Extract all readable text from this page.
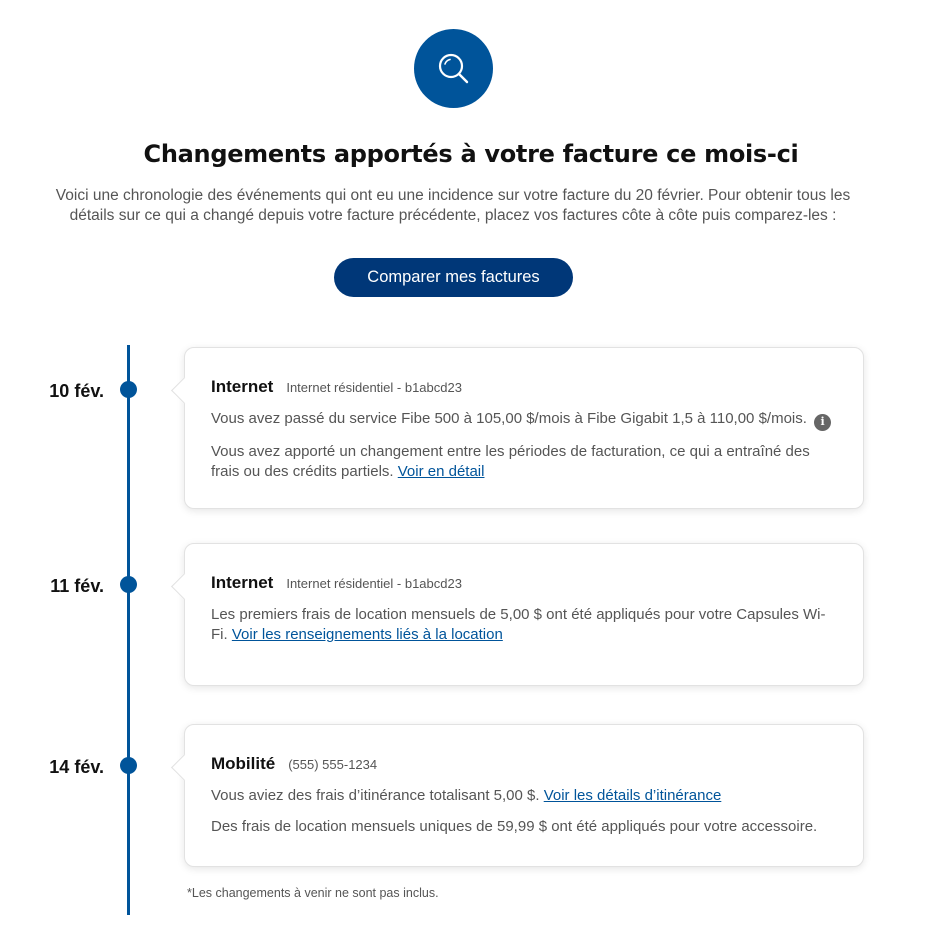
Changements apportés à votre facture ce mois-ci

Voici une chronologie des événements qui ont eu une incidence sur votre facture du 20 février. Pour obtenir tous les détails sur ce qui a changé depuis votre facture précédente, placez vos factures côte à côte puis comparez-les :

Comparer mes factures
10 fév.	Internet Internet résidentiel - b1abcd23

Vous avez passé du service Fibe 500 à 105,00 $/mois à Fibe Gigabit 1,5 à 110,00 $/mois. i

Vous avez apporté un changement entre les périodes de facturation, ce qui a entraîné des frais ou des crédits partiels. Voir en détail

11 fév.	Internet Internet résidentiel - b1abcd23

Les premiers frais de location mensuels de 5,00 $ ont été appliqués pour votre Capsules Wi-Fi. Voir les renseignements liés à la location

14 fév.	Mobilité (555) 555-1234

Vous aviez des frais d’itinérance totalisant 5,00 $. Voir les détails d’itinérance

Des frais de location mensuels uniques de 59,99 $ ont été appliqués pour votre accessoire.

*Les changements à venir ne sont pas inclus.
